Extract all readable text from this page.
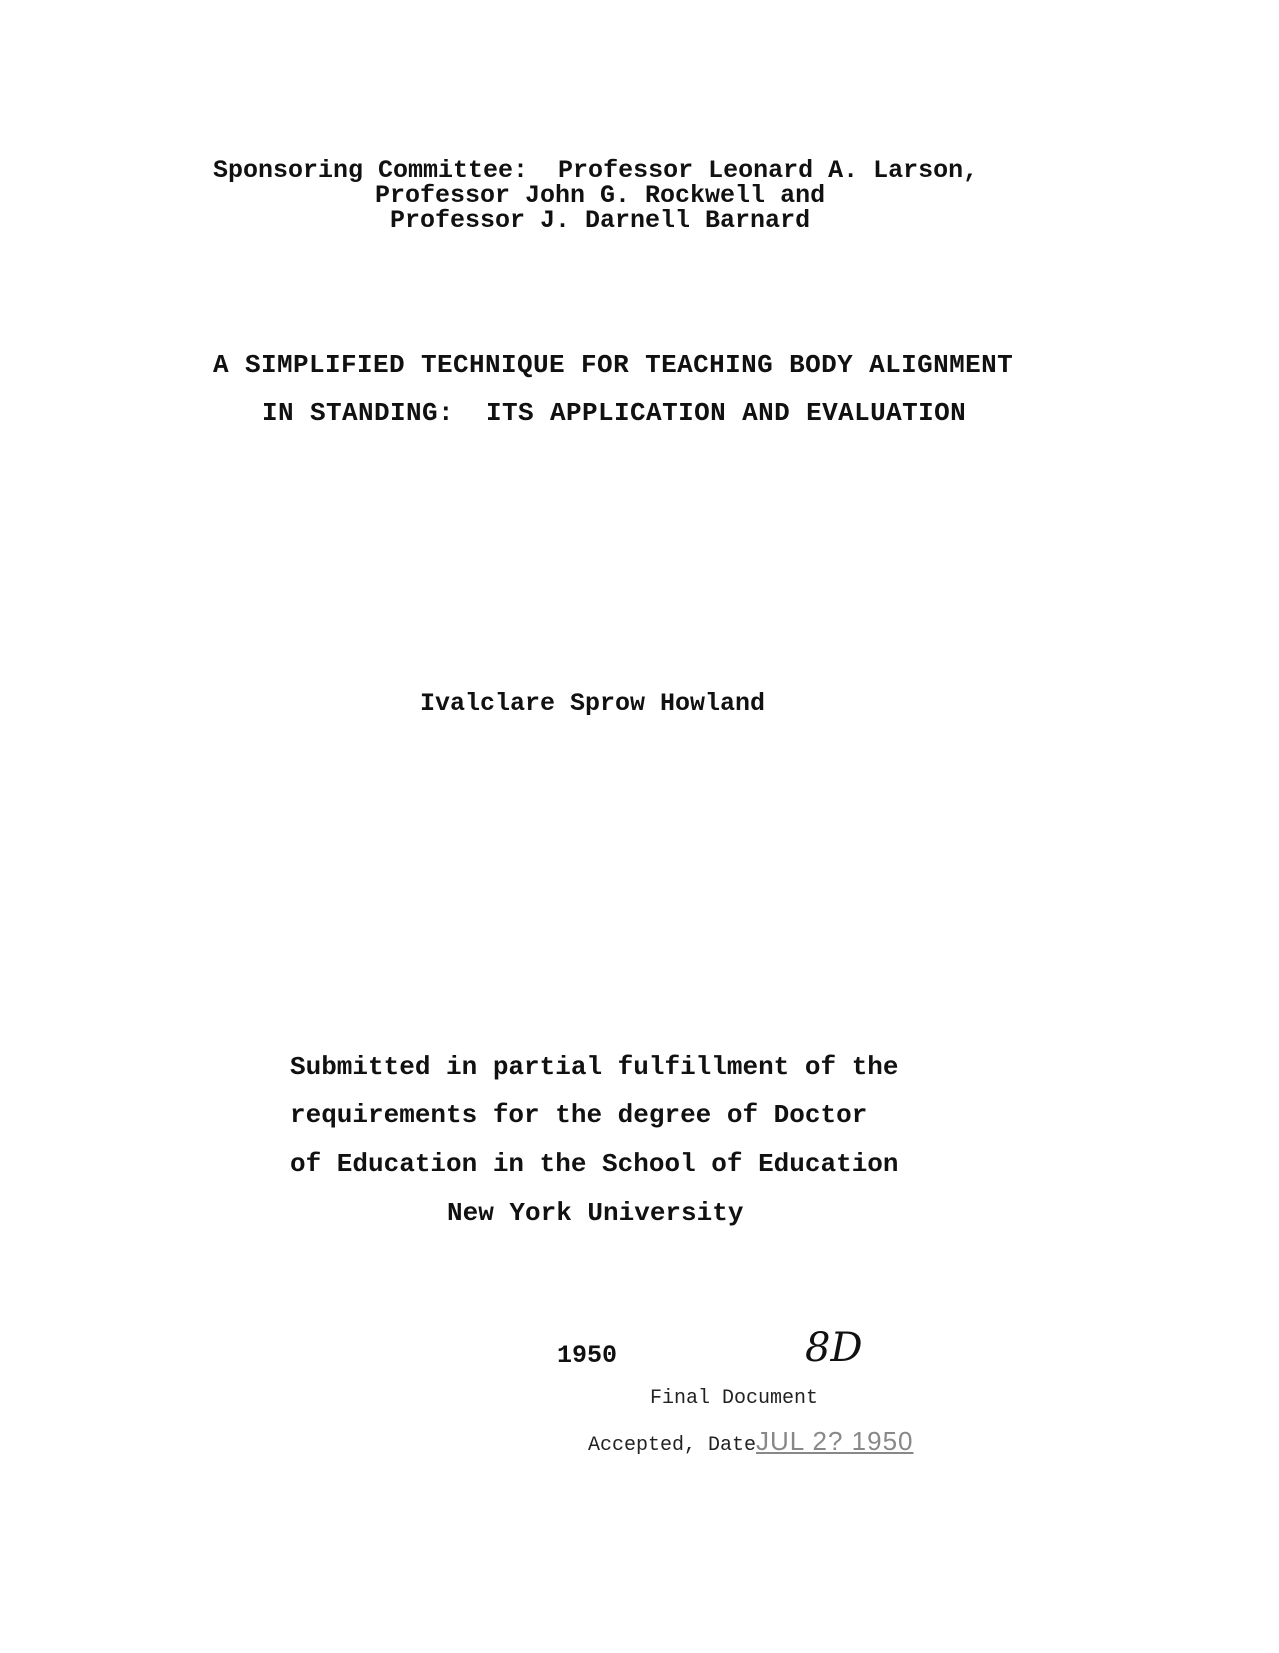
Sponsoring Committee:  Professor Leonard A. Larson,
Professor John G. Rockwell and
Professor J. Darnell Barnard
A SIMPLIFIED TECHNIQUE FOR TEACHING BODY ALIGNMENT
IN STANDING:  ITS APPLICATION AND EVALUATION
Ivalclare Sprow Howland
Submitted in partial fulfillment of the
requirements for the degree of Doctor
of Education in the School of Education
New York University
1950	8D
Final Document
Accepted, DateJUL 2? 1950
